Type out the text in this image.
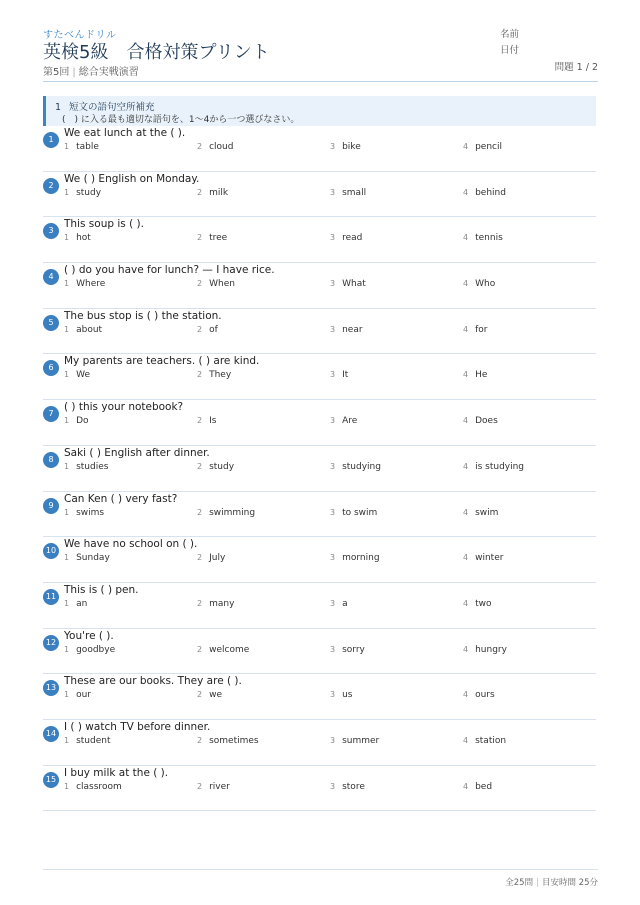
すたべんドリル
英検5級 合格対策プリント
第5回 | 総合実戦演習
名前
日付
問題 1 / 2
1 短文の語句空所補充
(　) に入る最も適切な語句を、1〜4から一つ選びなさい。
1
We eat lunch at the ( ).
1 table	2 cloud	3 bike	4 pencil
2
We ( ) English on Monday.
1 study	2 milk	3 small	4 behind
3
This soup is ( ).
1 hot	2 tree	3 read	4 tennis
4
( ) do you have for lunch? — I have rice.
1 Where	2 When	3 What	4 Who
5
The bus stop is ( ) the station.
1 about	2 of	3 near	4 for
6
My parents are teachers. ( ) are kind.
1 We	2 They	3 It	4 He
7
( ) this your notebook?
1 Do	2 Is	3 Are	4 Does
8
Saki ( ) English after dinner.
1 studies	2 study	3 studying	4 is studying
9
Can Ken ( ) very fast?
1 swims	2 swimming	3 to swim	4 swim
10
We have no school on ( ).
1 Sunday	2 July	3 morning	4 winter
11
This is ( ) pen.
1 an	2 many	3 a	4 two
12
You're ( ).
1 goodbye	2 welcome	3 sorry	4 hungry
13
These are our books. They are ( ).
1 our	2 we	3 us	4 ours
14
I ( ) watch TV before dinner.
1 student	2 sometimes	3 summer	4 station
15
I buy milk at the ( ).
1 classroom	2 river	3 store	4 bed
全25問 | 目安時間 25分
